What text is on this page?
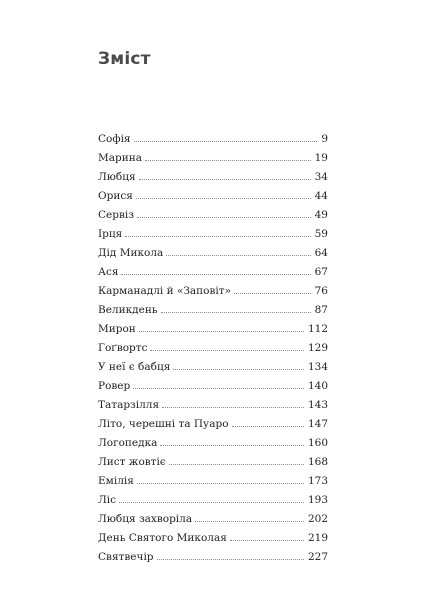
Зміст
Софія	9
Марина	19
Любця	34
Орися	44
Сервіз	49
Ірця	59
Дід Микола	64
Ася	67
Карманадлі й «Заповіт»	76
Великдень	87
Мирон	112
Гоґвортс	129
У неї є бабця	134
Ровер	140
Татарзілля	143
Літо, черешні та Пуаро	147
Логопедка	160
Лист жовтіє	168
Емілія	173
Ліс	193
Любця захворіла	202
День Святого Миколая	219
Святвечір	227
